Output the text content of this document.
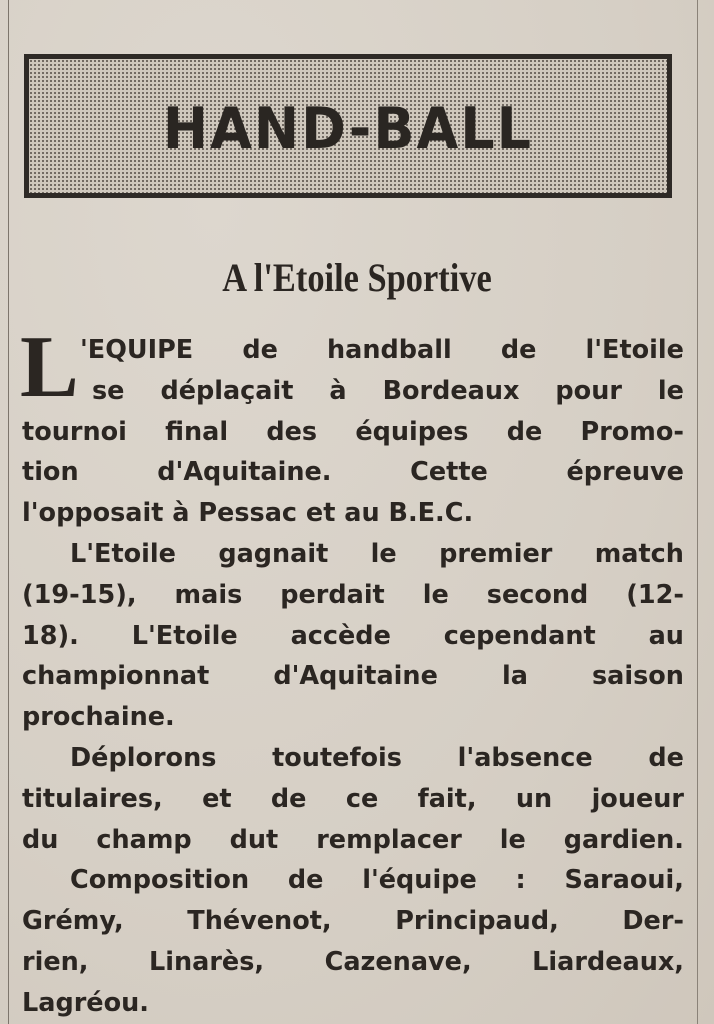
HAND-BALL
A l'Etoile Sportive
L 'EQUIPE de handball de l'Etoile
se déplaçait à Bordeaux pour le
tournoi final des équipes de Promo-
tion	d'Aquitaine.	Cette	épreuve
l'opposait à Pessac et au B.E.C.
L'Etoile gagnait le premier match
(19-15), mais perdait le second (12-
18). L'Etoile accède cependant au
championnat	d'Aquitaine	la	saison
prochaine.
Déplorons toutefois l'absence de
titulaires, et de ce fait, un joueur
du champ dut remplacer le gardien.
Composition de l'équipe : Saraoui,
Grémy, Thévenot, Principaud, Der-
rien, Linarès, Cazenave, Liardeaux,
Lagréou.
